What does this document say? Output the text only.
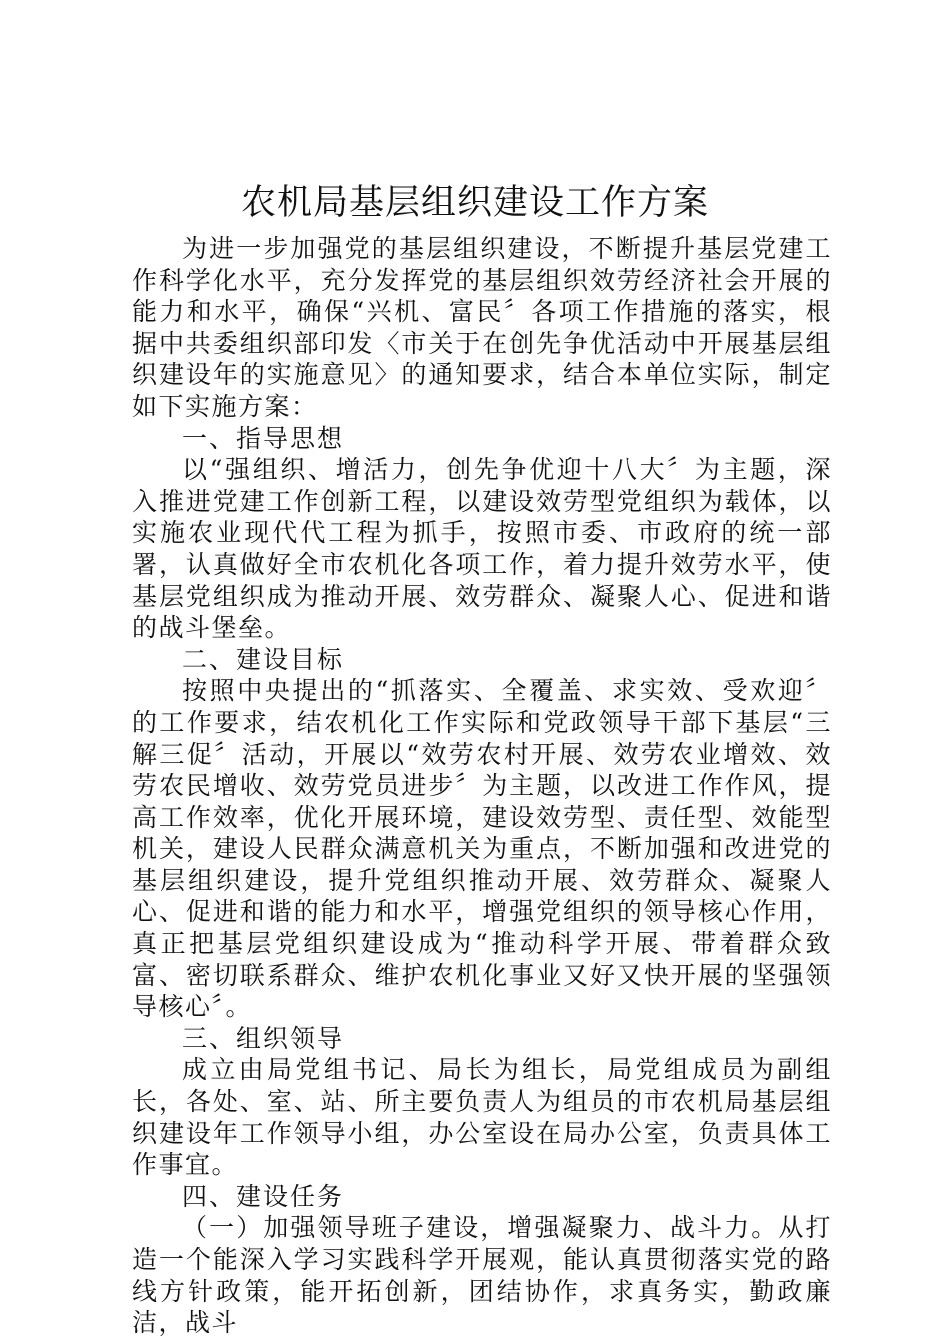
农机局基层组织建设工作方案

为进一步加强党的基层组织建设，不断提升基层党建工作科学化水平，充分发挥党的基层组织效劳经济社会开展的能力和水平，确保“兴机、富民〞各项工作措施的落实，根据中共委组织部印发〈市关于在创先争优活动中开展基层组织建设年的实施意见〉的通知要求，结合本单位实际，制定如下实施方案：

一、指导思想

以“强组织、增活力，创先争优迎十八大〞为主题，深入推进党建工作创新工程，以建设效劳型党组织为载体，以实施农业现代代工程为抓手，按照市委、市政府的统一部署，认真做好全市农机化各项工作，着力提升效劳水平，使基层党组织成为推动开展、效劳群众、凝聚人心、促进和谐的战斗堡垒。

二、建设目标

按照中央提出的“抓落实、全覆盖、求实效、受欢迎〞的工作要求，结农机化工作实际和党政领导干部下基层“三解三促〞活动，开展以“效劳农村开展、效劳农业增效、效劳农民增收、效劳党员进步〞为主题，以改进工作作风，提高工作效率，优化开展环境，建设效劳型、责任型、效能型机关，建设人民群众满意机关为重点，不断加强和改进党的基层组织建设，提升党组织推动开展、效劳群众、凝聚人心、促进和谐的能力和水平，增强党组织的领导核心作用，真正把基层党组织建设成为“推动科学开展、带着群众致富、密切联系群众、维护农机化事业又好又快开展的坚强领导核心〞。

三、组织领导

成立由局党组书记、局长为组长，局党组成员为副组长，各处、室、站、所主要负责人为组员的市农机局基层组织建设年工作领导小组，办公室设在局办公室，负责具体工作事宜。

四、建设任务

（一）加强领导班子建设，增强凝聚力、战斗力。从打造一个能深入学习实践科学开展观，能认真贯彻落实党的路线方针政策，能开拓创新，团结协作，求真务实，勤政廉洁，战斗
